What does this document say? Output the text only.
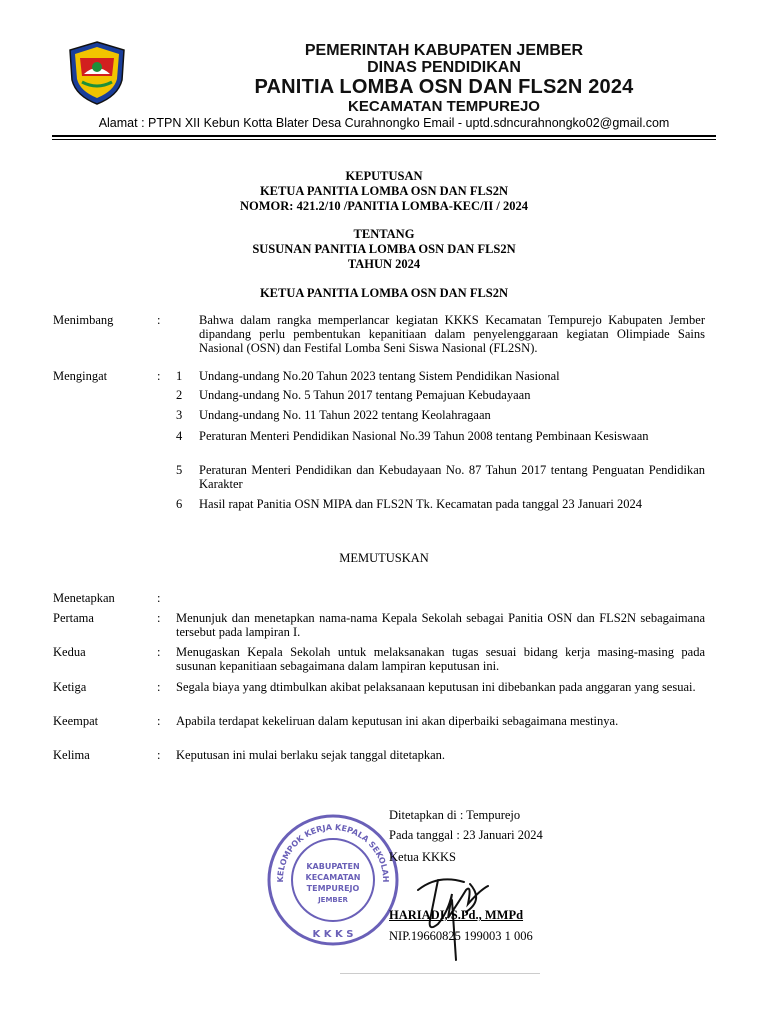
PEMERINTAH KABUPATEN JEMBER
DINAS PENDIDIKAN
PANITIA LOMBA OSN DAN FLS2N 2024
KECAMATAN TEMPUREJO
Alamat : PTPN XII Kebun Kotta Blater Desa Curahnongko Email - uptd.sdncurahnongko02@gmail.com
KEPUTUSAN
KETUA PANITIA LOMBA OSN DAN FLS2N
NOMOR: 421.2/10 /PANITIA LOMBA-KEC/II / 2024
TENTANG
SUSUNAN PANITIA LOMBA OSN DAN FLS2N
TAHUN 2024
KETUA PANITIA LOMBA OSN DAN FLS2N
Menimbang	:	Bahwa dalam rangka memperlancar kegiatan KKKS Kecamatan Tempurejo Kabupaten Jember dipandang perlu pembentukan kepanitiaan dalam penyelenggaraan kegiatan Olimpiade Sains Nasional (OSN) dan Festifal Lomba Seni Siswa Nasional (FL2SN).
Mengingat	: 1 Undang-undang No.20 Tahun 2023 tentang Sistem Pendidikan Nasional
2 Undang-undang No. 5 Tahun 2017 tentang Pemajuan Kebudayaan
3 Undang-undang No. 11 Tahun 2022 tentang Keolahragaan
4 Peraturan Menteri Pendidikan Nasional No.39 Tahun 2008 tentang Pembinaan Kesiswaan
5 Peraturan Menteri Pendidikan dan Kebudayaan No. 87 Tahun 2017 tentang Penguatan Pendidikan Karakter
6 Hasil rapat Panitia OSN MIPA dan FLS2N Tk. Kecamatan pada tanggal 23 Januari 2024
MEMUTUSKAN
Menetapkan	:
Pertama	: Menunjuk dan menetapkan nama-nama Kepala Sekolah sebagai Panitia OSN dan FLS2N sebagaimana tersebut pada lampiran I.
Kedua	: Menugaskan Kepala Sekolah untuk melaksanakan tugas sesuai bidang kerja masing-masing pada susunan kepanitiaan sebagaimana dalam lampiran keputusan ini.
Ketiga	: Segala biaya yang dtimbulkan akibat pelaksanaan keputusan ini dibebankan pada anggaran yang sesuai.
Keempat	: Apabila terdapat kekeliruan dalam keputusan ini akan diperbaiki sebagaimana mestinya.
Kelima	: Keputusan ini mulai berlaku sejak tanggal ditetapkan.
KELOMPOK KERJA KEPALA SEKOLAH
K K K S
KABUPATEN
KECAMATAN
TEMPUREJO
JEMBER
Ditetapkan di : Tempurejo
Pada tanggal : 23 Januari 2024
Ketua KKKS
HARIADI, S.Pd., MMPd
NIP.19660825 199003 1 006
